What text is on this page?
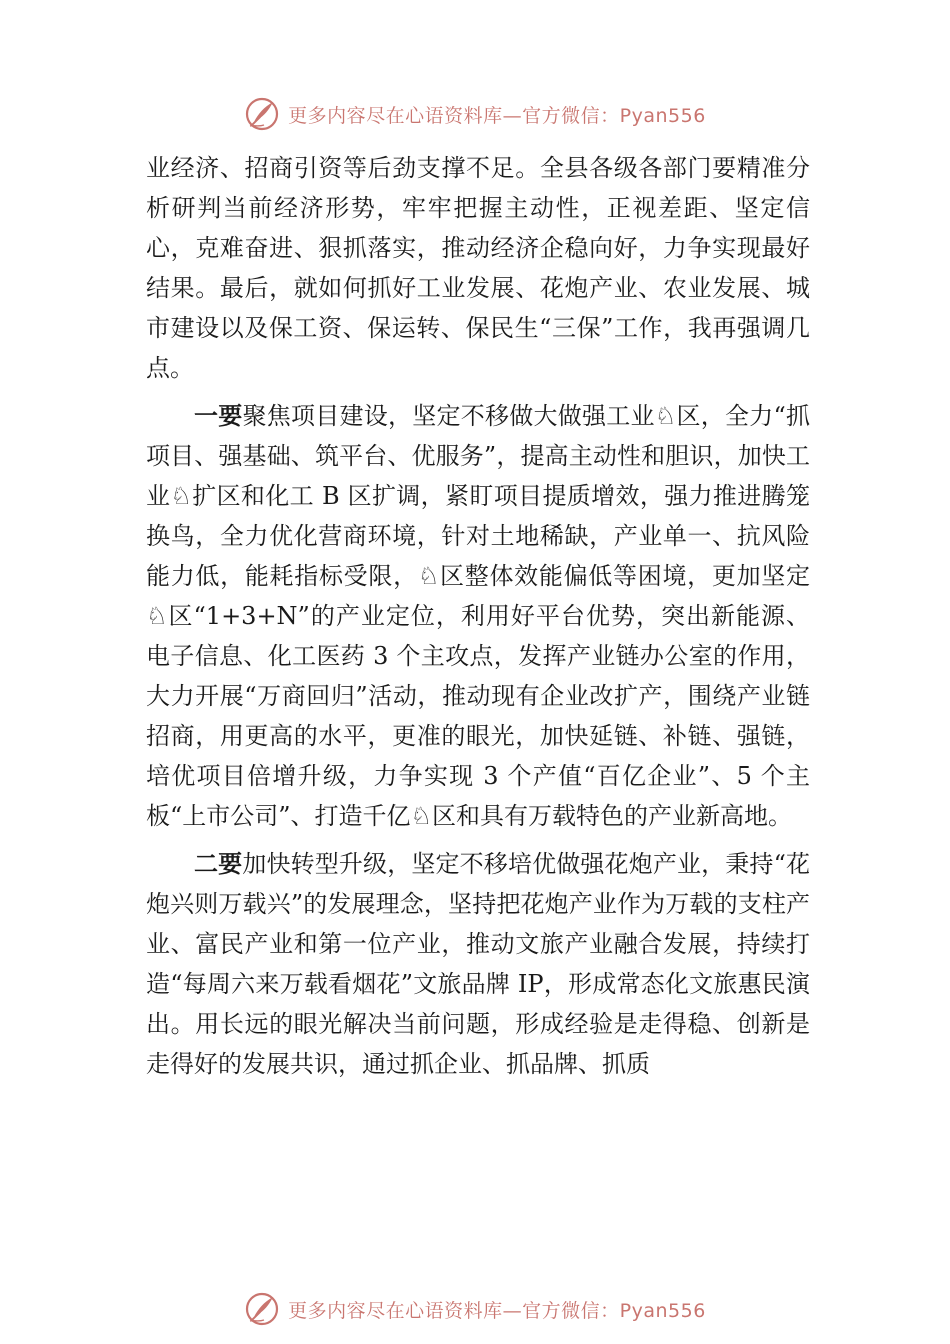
更多内容尽在心语资料库—官方微信：Pyan556

业经济、招商引资等后劲支撑不足。全县各级各部门要精准分析研判当前经济形势，牢牢把握主动性，正视差距、坚定信心，克难奋进、狠抓落实，推动经济企稳向好，力争实现最好结果。最后，就如何抓好工业发展、花炮产业、农业发展、城市建设以及保工资、保运转、保民生“三保”工作，我再强调几点。

一要聚焦项目建设，坚定不移做大做强工业♘区，全力“抓项目、强基础、筑平台、优服务”，提高主动性和胆识，加快工业♘扩区和化工 B 区扩调，紧盯项目提质增效，强力推进腾笼换鸟，全力优化营商环境，针对土地稀缺，产业单一、抗风险能力低，能耗指标受限，♘区整体效能偏低等困境，更加坚定♘区“1+3+N”的产业定位，利用好平台优势，突出新能源、电子信息、化工医药 3 个主攻点，发挥产业链办公室的作用，大力开展“万商回归”活动，推动现有企业改扩产，围绕产业链招商，用更高的水平，更准的眼光，加快延链、补链、强链，培优项目倍增升级，力争实现 3 个产值“百亿企业”、5 个主板“上市公司”、打造千亿♘区和具有万载特色的产业新高地。

二要加快转型升级，坚定不移培优做强花炮产业，秉持“花炮兴则万载兴”的发展理念，坚持把花炮产业作为万载的支柱产业、富民产业和第一位产业，推动文旅产业融合发展，持续打造“每周六来万载看烟花”文旅品牌 IP，形成常态化文旅惠民演出。用长远的眼光解决当前问题，形成经验是走得稳、创新是走得好的发展共识，通过抓企业、抓品牌、抓质

更多内容尽在心语资料库—官方微信：Pyan556
